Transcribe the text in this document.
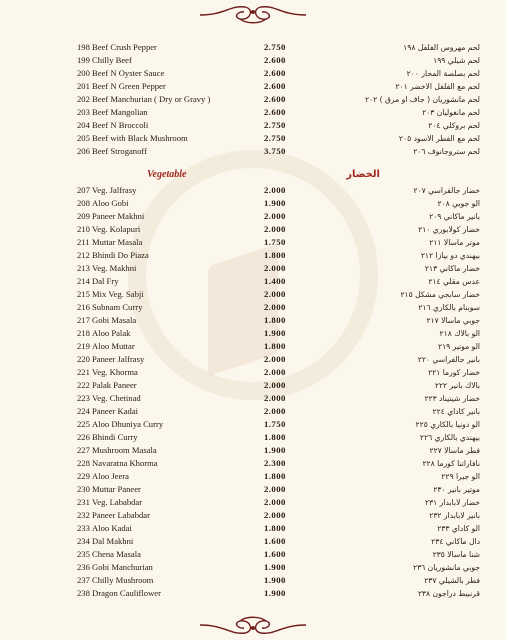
198 Beef Crush Pepper	2.750	لحم مهروس الفلفل ١٩٨
199 Chilly Beef	2.600	لحم شيلي ١٩٩
200 Beef N Oyster Sauce	2.600	لحم بصلصة المحار ٢٠٠
201 Beef N Green Pepper	2.600	لحم مع الفلفل الاخضر ٢٠١
202 Beef Manchurian ( Dry or Gravy )	2.600	لحم مانشوريان ( جاف او مرق ) ٢٠٢
203 Beef Mangolian	2.600	لحم مانغوليان ٢٠٣
204 Beef N Broccoli	2.750	لحم بروكلي ٢٠٤
205 Beef with Black Mushroom	2.750	لحم مع الفطر الاسود ٢٠٥
206 Beef Stroganoff	3.750	لحم ستروجانوف ٢٠٦
Vegetable	الخضار
207 Veg. Jalfrasy	2.000	خضار جالفراسي ٢٠٧
208 Aloo Gobi	1.900	الو جوبي ٢٠٨
209 Paneer Makhni	2.000	بانير ماكاني ٢٠٩
210 Veg. Kolapuri	2.000	خضار كولابوري ٢١٠
211 Muttar Masala	1.750	موتر ماسالا ٢١١
212 Bhindi Do Piaza	1.800	بيهندي دو بيازا ٢١٢
213 Veg. Makhni	2.000	خضار ماكاني ٢١٣
214 Dal Fry	1.400	عدس مقلي ٢١٤
215 Mix Veg. Sabji	2.000	خضار سابجي مشكل ٢١٥
216 Subnam Curry	2.000	سوبنام بالكاري ٢١٦
217 Gobi Masala	1.800	جوبي ماسالا ٢١٧
218 Aloo Palak	1.900	الو بالاك ٢١٨
219 Aloo Muttar	1.800	الو موتير ٢١٩
220 Paneer Jalfrasy	2.000	بانير جالفراسي ٢٢٠
221 Veg. Khorma	2.000	خضار كورما ٢٢١
222 Palak Paneer	2.000	بالاك بانير ٢٢٢
223 Veg. Chetinad	2.000	خضار شيتيناد ٢٢٣
224 Paneer Kadai	2.000	بانير كاداي ٢٢٤
225 Aloo Dhuniya Curry	1.750	الو دونيا بالكاري ٢٢٥
226 Bhindi Curry	1.800	بيهندي بالكاري ٢٢٦
227 Mushroom Masala	1.900	فطر ماسالا ٢٢٧
228 Navaratna Khorma	2.300	نافاراتنا كورما ٢٢٨
229 Aloo Jeera	1.800	الو جيرا ٢٢٩
230 Muttar Paneer	2.000	موتير بانير ٢٣٠
231 Veg. Lababdar	2.000	خضار لابابدار ٢٣١
232 Paneer Lababdar	2.000	بانير لابابدار ٢٣٢
233 Aloo Kadai	1.800	الو كاداي ٢٣٣
234 Dal Makhni	1.600	دال ماكاني ٢٣٤
235 Chena Masala	1.600	شنا ماسالا ٢٣٥
236 Gobi Manchurian	1.900	جوبي مانشوريان ٢٣٦
237 Chilly Mushroom	1.900	فطر بالشيلي ٢٣٧
238 Dragon Cauliflower	1.900	قرنبيط دراجون ٢٣٨
